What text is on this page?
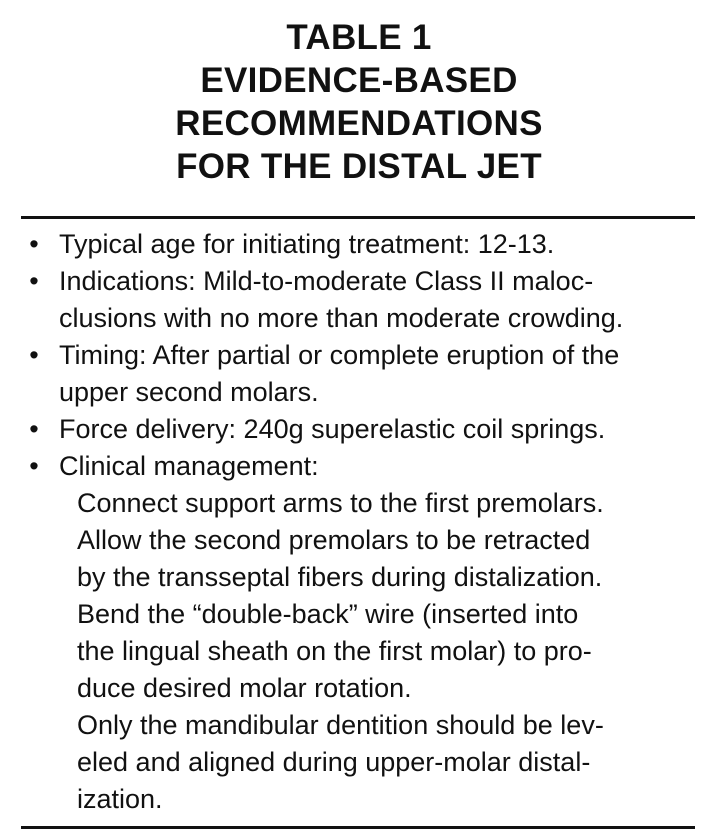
TABLE 1
EVIDENCE-BASED
RECOMMENDATIONS
FOR THE DISTAL JET
• Typical age for initiating treatment: 12-13.
• Indications: Mild-to-moderate Class II maloc-
clusions with no more than moderate crowding.
• Timing: After partial or complete eruption of the
upper second molars.
• Force delivery: 240g superelastic coil springs.
• Clinical management:
Connect support arms to the first premolars.
Allow the second premolars to be retracted
by the transseptal fibers during distalization.
Bend the “double-back” wire (inserted into
the lingual sheath on the first molar) to pro-
duce desired molar rotation.
Only the mandibular dentition should be lev-
eled and aligned during upper-molar distal-
ization.
